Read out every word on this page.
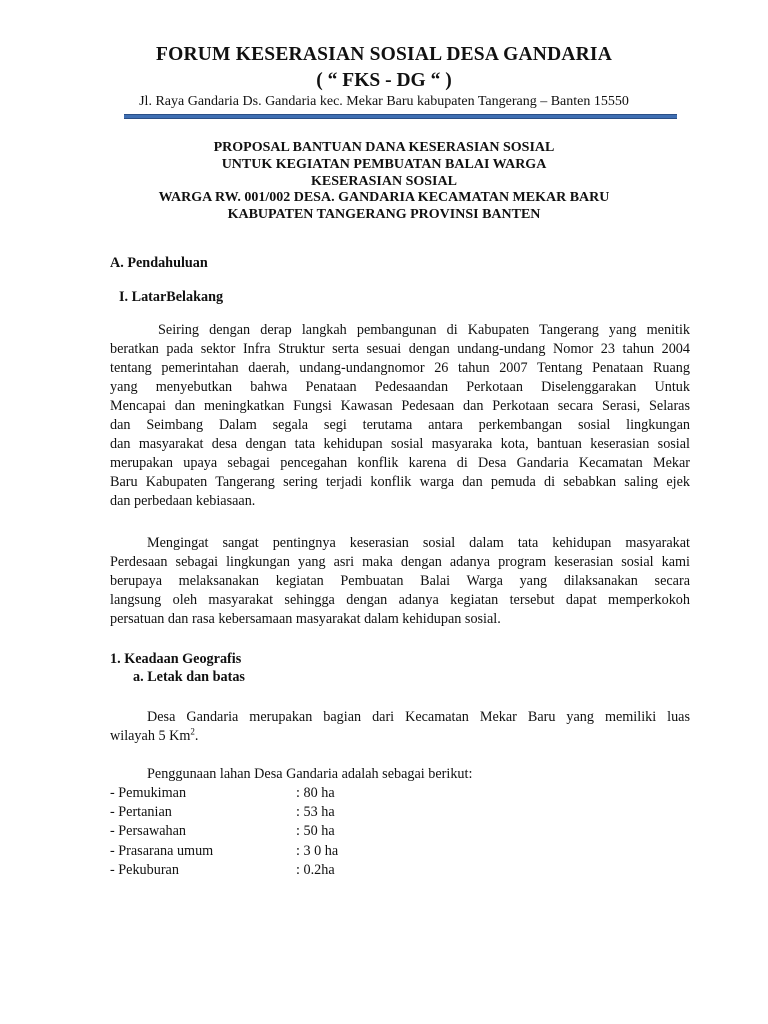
FORUM KESERASIAN SOSIAL DESA GANDARIA
( “ FKS - DG “ )
Jl. Raya Gandaria Ds. Gandaria kec. Mekar Baru kabupaten Tangerang – Banten 15550
PROPOSAL BANTUAN DANA KESERASIAN SOSIAL
UNTUK KEGIATAN PEMBUATAN BALAI WARGA
KESERASIAN SOSIAL
WARGA RW. 001/002 DESA. GANDARIA KECAMATAN MEKAR BARU
KABUPATEN TANGERANG PROVINSI BANTEN
A. Pendahuluan
I. LatarBelakang
Seiring dengan derap langkah pembangunan di Kabupaten Tangerang yang menitik
beratkan pada sektor Infra Struktur serta sesuai dengan undang-undang Nomor 23 tahun 2004
tentang pemerintahan daerah, undang-undangnomor 26 tahun 2007 Tentang Penataan Ruang
yang menyebutkan bahwa Penataan Pedesaandan Perkotaan Diselenggarakan Untuk
Mencapai dan meningkatkan Fungsi Kawasan Pedesaan dan Perkotaan secara Serasi, Selaras
dan Seimbang Dalam segala segi terutama antara perkembangan sosial lingkungan
dan masyarakat desa dengan tata kehidupan sosial masyaraka kota, bantuan keserasian sosial
merupakan upaya sebagai pencegahan konflik karena di Desa Gandaria Kecamatan Mekar
Baru Kabupaten Tangerang sering terjadi konflik warga dan pemuda di sebabkan saling ejek
dan perbedaan kebiasaan.
Mengingat sangat pentingnya keserasian sosial dalam tata kehidupan masyarakat
Perdesaan sebagai lingkungan yang asri maka dengan adanya program keserasian sosial kami
berupaya melaksanakan kegiatan Pembuatan Balai Warga yang dilaksanakan secara
langsung oleh masyarakat sehingga dengan adanya kegiatan tersebut dapat memperkokoh
persatuan dan rasa kebersamaan masyarakat dalam kehidupan sosial.
1. Keadaan Geografis
a. Letak dan batas
Desa Gandaria merupakan bagian dari Kecamatan Mekar Baru yang memiliki luas
wilayah 5 Km$^2$.
Penggunaan lahan Desa Gandaria adalah sebagai berikut:
- Pemukiman	: 80 ha
- Pertanian	: 53 ha
- Persawahan	: 50 ha
- Prasarana umum	: 3 0 ha
- Pekuburan	: 0.2ha
